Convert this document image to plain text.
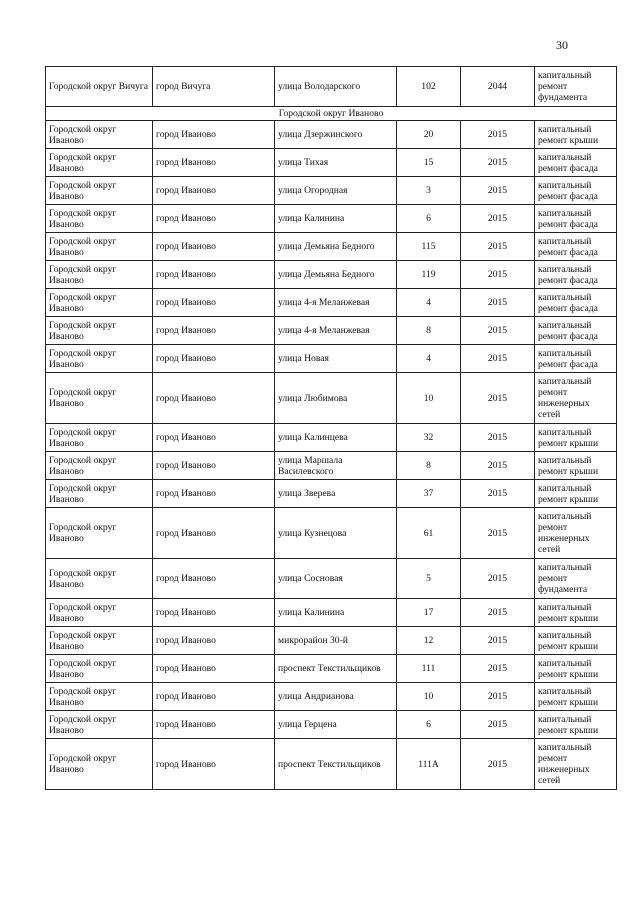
30
Городской округ Вичуга	город Вичуга	улица Володарского	102	2044	капитальный ремонт фундамента
Городской округ Иваново					
Городской округ Иваново	город Иваново	улица Дзержинского	20	2015	капитальный ремонт крыши
Городской округ Иваново	город Иваново	улица Тихая	15	2015	капитальный ремонт фасада
Городской округ Иваново	город Иваново	улица Огородная	3	2015	капитальный ремонт фасада
Городской округ Иваново	город Иваново	улица Калинина	6	2015	капитальный ремонт фасада
Городской округ Иваново	город Иваново	улица Демьяна Бедного	115	2015	капитальный ремонт фасада
Городской округ Иваново	город Иваново	улица Демьяна Бедного	119	2015	капитальный ремонт фасада
Городской округ Иваново	город Иваново	улица 4-я Меланжевая	4	2015	капитальный ремонт фасада
Городской округ Иваново	город Иваново	улица 4-я Меланжевая	8	2015	капитальный ремонт фасада
Городской округ Иваново	город Иваново	улица Новая	4	2015	капитальный ремонт фасада
Городской округ Иваново	город Иваново	улица Любимова	10	2015	капитальный ремонт инженерных сетей
Городской округ Иваново	город Иваново	улица Калинцева	32	2015	капитальный ремонт крыши
Городской округ Иваново	город Иваново	улица Маршала Василевского	8	2015	капитальный ремонт крыши
Городской округ Иваново	город Иваново	улица Зверева	37	2015	капитальный ремонт крыши
Городской округ Иваново	город Иваново	улица Кузнецова	61	2015	капитальный ремонт инженерных сетей
Городской округ Иваново	город Иваново	улица Сосновая	5	2015	капитальный ремонт фундамента
Городской округ Иваново	город Иваново	улица Калинина	17	2015	капитальный ремонт крыши
Городской округ Иваново	город Иваново	микрорайон 30-й	12	2015	капитальный ремонт крыши
Городской округ Иваново	город Иваново	проспект Текстильщиков	111	2015	капитальный ремонт крыши
Городской округ Иваново	город Иваново	улица Андрианова	10	2015	капитальный ремонт крыши
Городской округ Иваново	город Иваново	улица Герцена	6	2015	капитальный ремонт крыши
Городской округ Иваново	город Иваново	проспект Текстильщиков	111А	2015	капитальный ремонт инженерных сетей
